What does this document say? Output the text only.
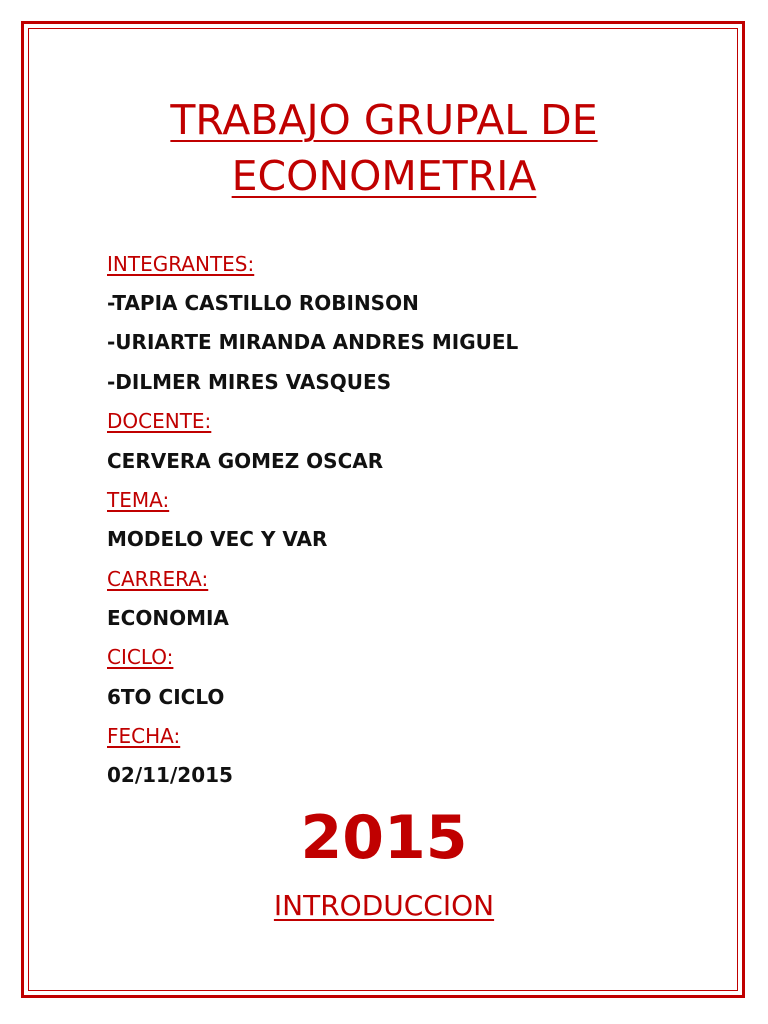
TRABAJO GRUPAL DE
ECONOMETRIA
INTEGRANTES:
-TAPIA CASTILLO ROBINSON
-URIARTE MIRANDA ANDRES MIGUEL
-DILMER MIRES VASQUES
DOCENTE:
CERVERA GOMEZ OSCAR
TEMA:
MODELO VEC Y VAR
CARRERA:
ECONOMIA
CICLO:
6TO CICLO
FECHA:
02/11/2015
2015
INTRODUCCION
